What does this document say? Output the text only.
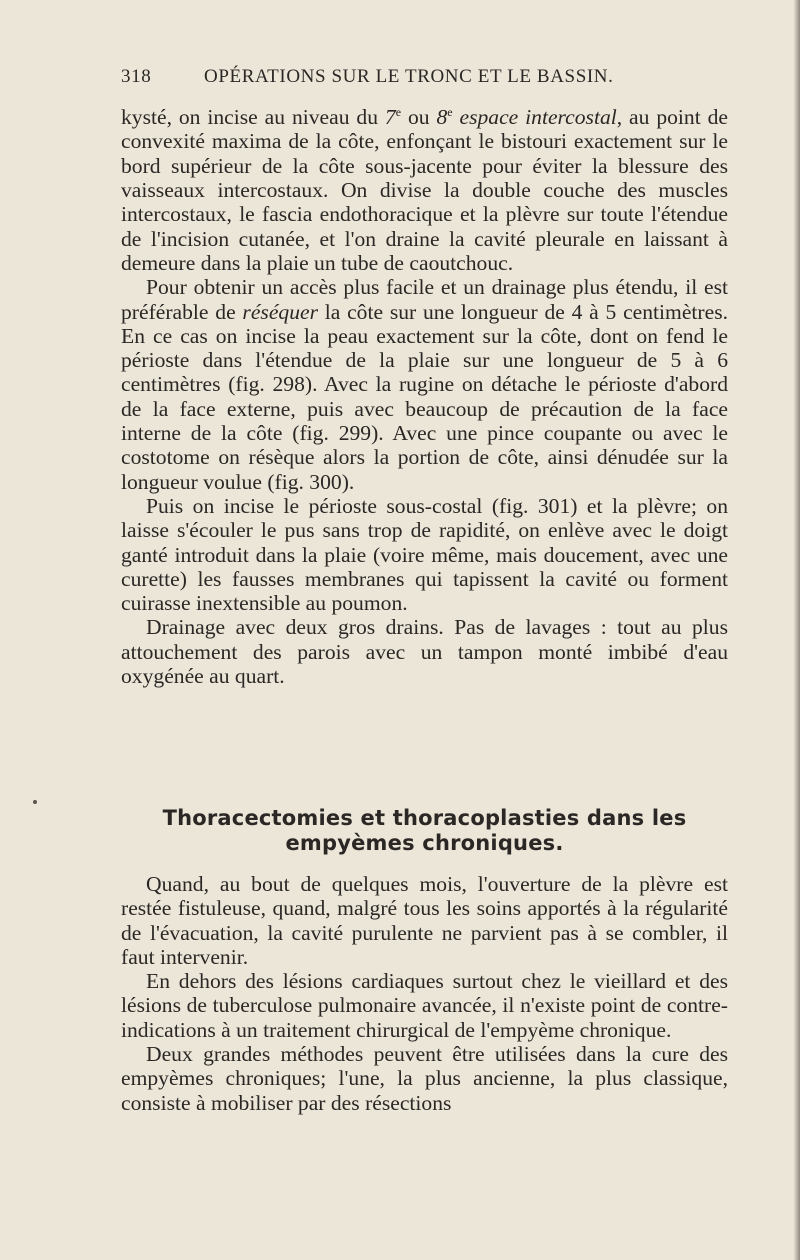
318	OPÉRATIONS SUR LE TRONC ET LE BASSIN.

kysté, on incise au niveau du 7e ou 8e espace intercostal, au point de convexité maxima de la côte, enfonçant le bistouri exactement sur le bord supérieur de la côte sous-jacente pour éviter la blessure des vaisseaux intercostaux. On divise la double couche des muscles intercostaux, le fascia endothoracique et la plèvre sur toute l'étendue de l'incision cutanée, et l'on draine la cavité pleurale en laissant à demeure dans la plaie un tube de caoutchouc.

Pour obtenir un accès plus facile et un drainage plus étendu, il est préférable de réséquer la côte sur une longueur de 4 à 5 centimètres. En ce cas on incise la peau exactement sur la côte, dont on fend le périoste dans l'étendue de la plaie sur une longueur de 5 à 6 centimètres (fig. 298). Avec la rugine on détache le périoste d'abord de la face externe, puis avec beaucoup de précaution de la face interne de la côte (fig. 299). Avec une pince coupante ou avec le costotome on résèque alors la portion de côte, ainsi dénudée sur la longueur voulue (fig. 300).

Puis on incise le périoste sous-costal (fig. 301) et la plèvre; on laisse s'écouler le pus sans trop de rapidité, on enlève avec le doigt ganté introduit dans la plaie (voire même, mais doucement, avec une curette) les fausses membranes qui tapissent la cavité ou forment cuirasse inextensible au poumon.

Drainage avec deux gros drains. Pas de lavages : tout au plus attouchement des parois avec un tampon monté imbibé d'eau oxygénée au quart.

Thoracectomies et thoracoplasties dans les
empyèmes chroniques.

Quand, au bout de quelques mois, l'ouverture de la plèvre est restée fistuleuse, quand, malgré tous les soins apportés à la régularité de l'évacuation, la cavité purulente ne parvient pas à se combler, il faut intervenir.

En dehors des lésions cardiaques surtout chez le vieillard et des lésions de tuberculose pulmonaire avancée, il n'existe point de contre-indications à un traitement chirurgical de l'empyème chronique.

Deux grandes méthodes peuvent être utilisées dans la cure des empyèmes chroniques; l'une, la plus ancienne, la plus classique, consiste à mobiliser par des résections
